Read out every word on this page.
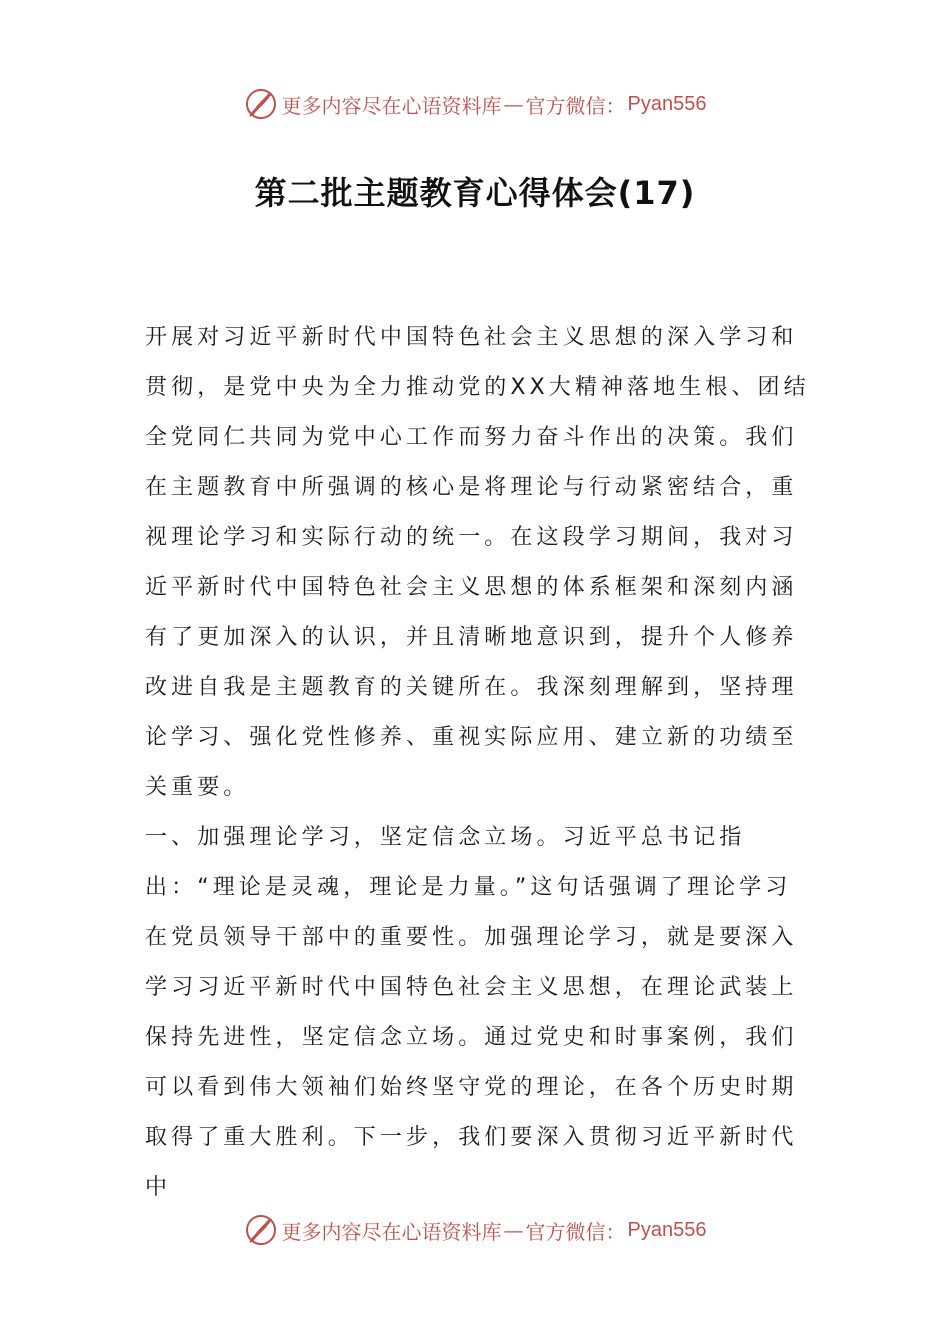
更多内容尽在心语资料库 — 官方微信： Pyan556
第二批主题教育心得体会(17)

开展对习近平新时代中国特色社会主义思想的深入学习和贯彻，是党中央为全力推动党的XX大精神落地生根、团结全党同仁共同为党中心工作而努力奋斗作出的决策。我们在主题教育中所强调的核心是将理论与行动紧密结合，重视理论学习和实际行动的统一。在这段学习期间，我对习近平新时代中国特色社会主义思想的体系框架和深刻内涵有了更加深入的认识，并且清晰地意识到，提升个人修养改进自我是主题教育的关键所在。我深刻理解到，坚持理论学习、强化党性修养、重视实际应用、建立新的功绩至关重要。

一、加强理论学习，坚定信念立场。习近平总书记指出：“理论是灵魂，理论是力量。”这句话强调了理论学习在党员领导干部中的重要性。加强理论学习，就是要深入学习习近平新时代中国特色社会主义思想，在理论武装上保持先进性，坚定信念立场。通过党史和时事案例，我们可以看到伟大领袖们始终坚守党的理论，在各个历史时期取得了重大胜利。下一步，我们要深入贯彻习近平新时代中

更多内容尽在心语资料库 — 官方微信： Pyan556
